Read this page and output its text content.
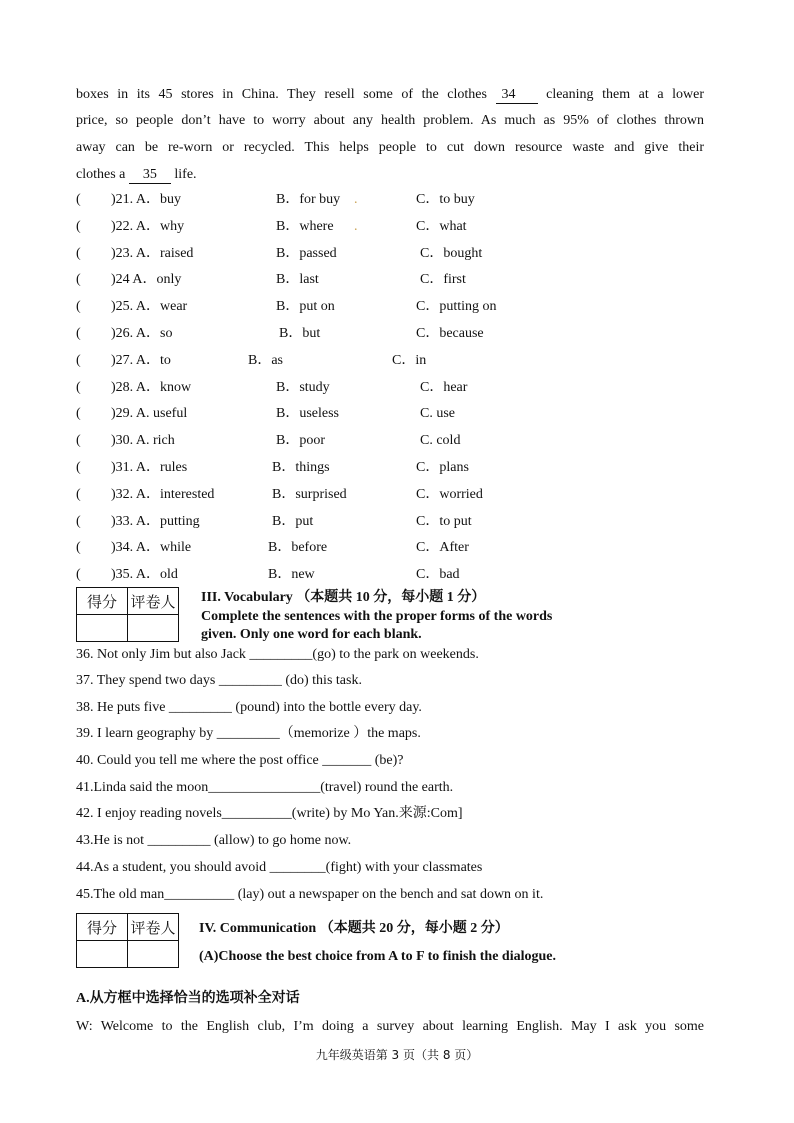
boxes in its 45 stores in China. They resell some of the clothes 34 cleaning them at a lower
price, so people don’t have to worry about any health problem. As much as 95% of clothes thrown
away can be re-worn or recycled. This helps people to cut down resource waste and give their
clothes a 35 life.
( )21. A．buy	B．for buy	C．to buy
.
( )22. A．why	B．where	C．what
.
( )23. A．raised	B．passed	C．bought
( )24 A．only	B．last	C．first
( )25. A．wear	B．put on	C．putting on
( )26. A．so	B．but	C．because
( )27. A．to	B．as	C．in
( )28. A．know	B．study	C．hear
( )29. A. useful	B．useless	C. use
( )30. A. rich	B．poor	C. cold
( )31. A．rules	B．things	C．plans
( )32. A．interested	B．surprised	C．worried
( )33. A．putting	B．put	C．to put
( )34. A．while	B．before	C．After
( )35. A．old	B．new	C．bad
得分	评卷人
	III. Vocabulary （本题共 10 分，每小题 1 分）
Complete the sentences with the proper forms of the words
given. Only one word for each blank.
36. Not only Jim but also Jack _________(go) to the park on weekends.
37. They spend two days _________ (do) this task.
38. He puts five _________ (pound) into the bottle every day.
39. I learn geography by _________（memorize ）the maps.
40. Could you tell me where the post office _______ (be)?
41.Linda said the moon________________(travel) round the earth.
42. I enjoy reading novels__________(write) by Mo Yan.来源:Com]
43.He is not _________ (allow) to go home now.
44.As a student, you should avoid ________(fight) with your classmates
45.The old man__________ (lay) out a newspaper on the bench and sat down on it.
得分	评卷人
	IV. Communication （本题共 20 分，每小题 2 分）
(A)Choose the best choice from A to F to finish the dialogue.
A.从方框中选择恰当的选项补全对话
W: Welcome to the English club, I’m doing a survey about learning English. May I ask you some
九年级英语第 3 页（共 8 页）
